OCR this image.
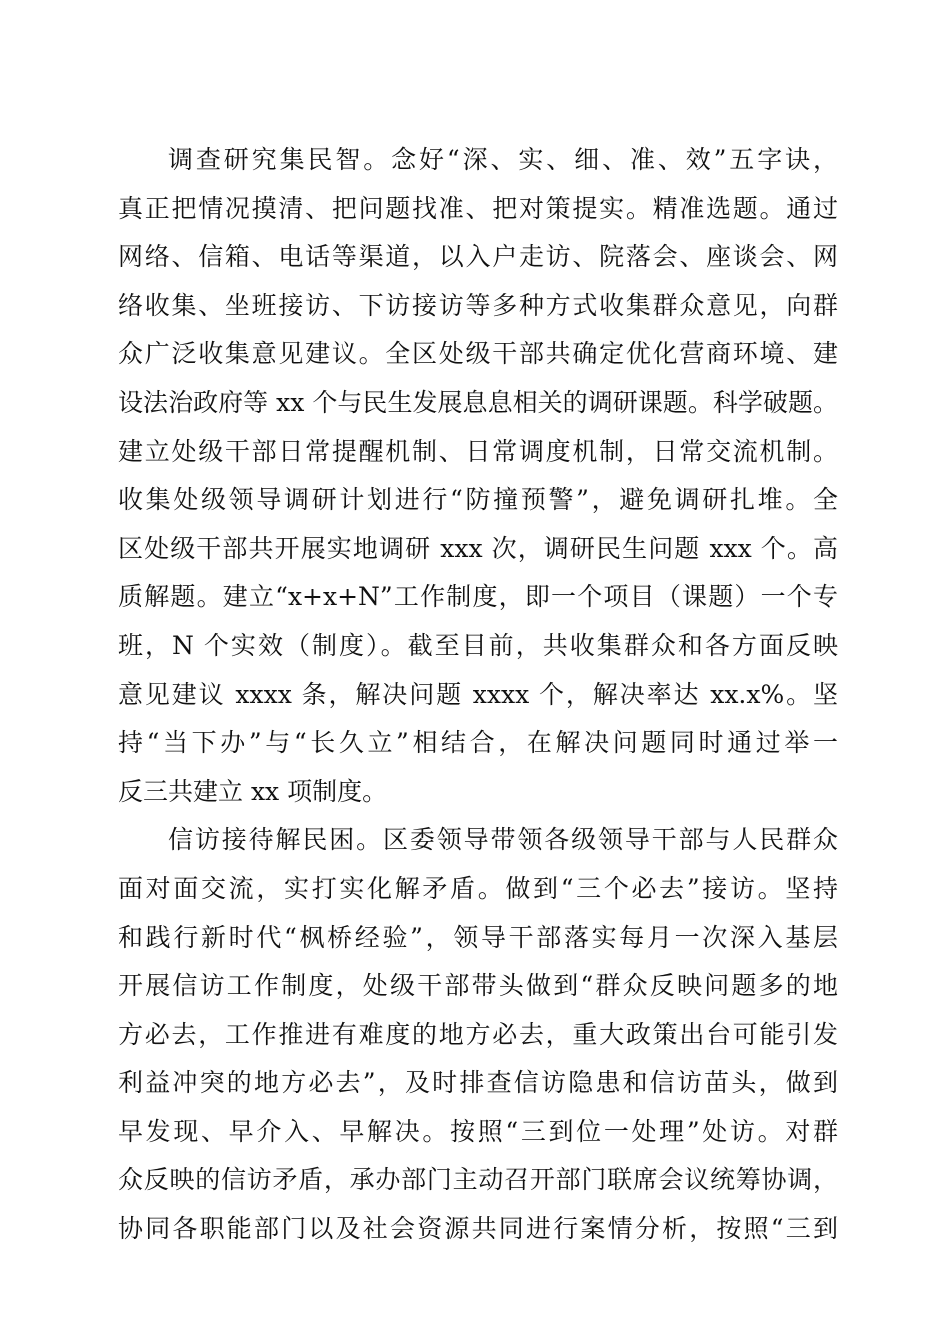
调查研究集民智。念好“深、实、细、准、效”五字诀，
真正把情况摸清、把问题找准、把对策提实。精准选题。通过
网络、信箱、电话等渠道，以入户走访、院落会、座谈会、网
络收集、坐班接访、下访接访等多种方式收集群众意见，向群
众广泛收集意见建议。全区处级干部共确定优化营商环境、建
设法治政府等 xx 个与民生发展息息相关的调研课题。科学破题。
建立处级干部日常提醒机制、日常调度机制，日常交流机制。
收集处级领导调研计划进行“防撞预警”，避免调研扎堆。全
区处级干部共开展实地调研 xxx 次，调研民生问题 xxx 个。高
质解题。建立“x+x+N”工作制度，即一个项目（课题）一个专
班，N 个实效（制度）。截至目前，共收集群众和各方面反映
意见建议 xxxx 条，解决问题 xxxx 个，解决率达 xx.x%。坚
持“当下办”与“长久立”相结合，在解决问题同时通过举一
反三共建立 xx 项制度。
信访接待解民困。区委领导带领各级领导干部与人民群众
面对面交流，实打实化解矛盾。做到“三个必去”接访。坚持
和践行新时代“枫桥经验”，领导干部落实每月一次深入基层
开展信访工作制度，处级干部带头做到“群众反映问题多的地
方必去，工作推进有难度的地方必去，重大政策出台可能引发
利益冲突的地方必去”，及时排查信访隐患和信访苗头，做到
早发现、早介入、早解决。按照“三到位一处理”处访。对群
众反映的信访矛盾，承办部门主动召开部门联席会议统筹协调，
协同各职能部门以及社会资源共同进行案情分析，按照“三到
